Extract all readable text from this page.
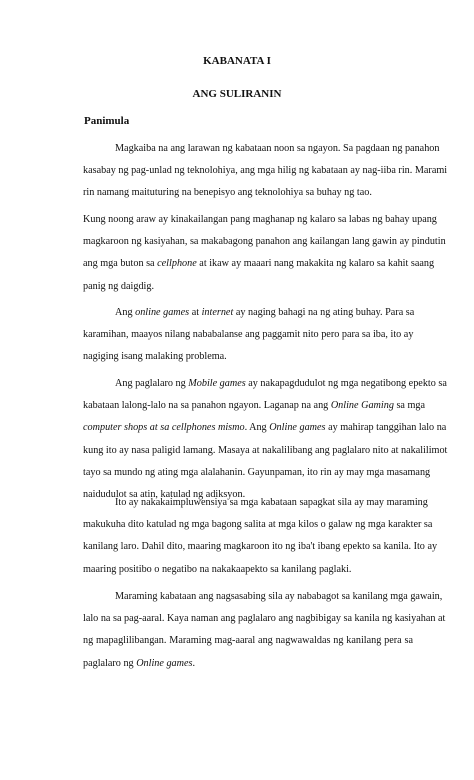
KABANATA I
ANG SULIRANIN
Panimula

Magkaiba na ang larawan ng kabataan noon sa ngayon. Sa pagdaan ng panahon
kasabay ng pag-unlad ng teknolohiya, ang mga hilig ng kabataan ay nag-iiba rin. Marami
rin namang maituturing na benepisyo ang teknolohiya sa buhay ng tao.

Kung noong araw ay kinakailangan pang maghanap ng kalaro sa labas ng bahay upang
magkaroon ng kasiyahan, sa makabagong panahon ang kailangan lang gawin ay pindutin
ang mga buton sa cellphone at ikaw ay maaari nang makakita ng kalaro sa kahit saang
panig ng daigdig.

Ang online games at internet ay naging bahagi na ng ating buhay. Para sa
karamihan, maayos nilang nababalanse ang paggamit nito pero para sa iba, ito ay
nagiging isang malaking problema.

Ang paglalaro ng Mobile games ay nakapagdudulot ng mga negatibong epekto sa
kabataan lalong-lalo na sa panahon ngayon. Laganap na ang Online Gaming sa mga
computer shops at sa cellphones mismo. Ang Online games ay mahirap tanggihan lalo na
kung ito ay nasa paligid lamang. Masaya at nakalilibang ang paglalaro nito at nakalilimot
tayo sa mundo ng ating mga alalahanin. Gayunpaman, ito rin ay may mga masamang
naidudulot sa atin, katulad ng adiksyon.

Ito ay nakakaimpluwensiya sa mga kabataan sapagkat sila ay may maraming
makukuha dito katulad ng mga bagong salita at mga kilos o galaw ng mga karakter sa
kanilang laro. Dahil dito, maaring magkaroon ito ng iba't ibang epekto sa kanila. Ito ay
maaring positibo o negatibo na nakakaapekto sa kanilang paglaki.

Maraming kabataan ang nagsasabing sila ay nababagot sa kanilang mga gawain,
lalo na sa pag-aaral. Kaya naman ang paglalaro ang nagbibigay sa kanila ng kasiyahan at
ng mapaglilibangan. Maraming mag-aaral ang nagwawaldas ng kanilang pera sa
paglalaro ng Online games.
